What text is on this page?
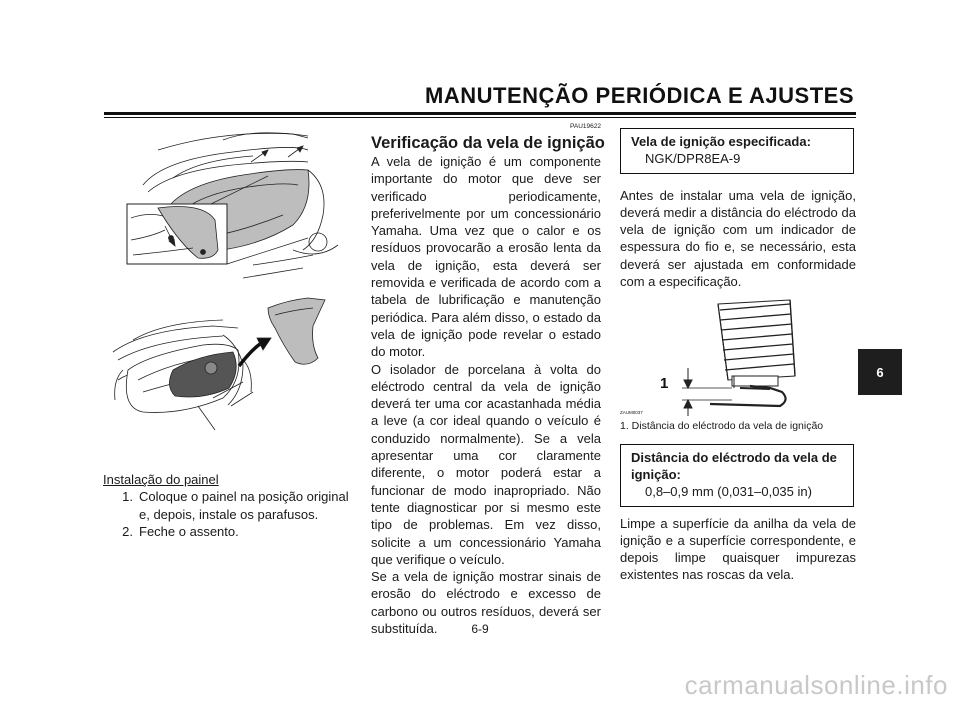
MANUTENÇÃO PERIÓDICA E AJUSTES
6
Instalação do painel
1. Coloque o painel na posição original e, depois, instale os parafusos.
2. Feche o assento.
PAU19622
Verificação da vela de ignição
A vela de ignição é um componente importante do motor que deve ser verificado periodicamente, preferivelmente por um concessionário Yamaha. Uma vez que o calor e os resíduos provocarão a erosão lenta da vela de ignição, esta deverá ser removida e verificada de acordo com a tabela de lubrificação e manutenção periódica. Para além disso, o estado da vela de ignição pode revelar o estado do motor.
O isolador de porcelana à volta do eléctrodo central da vela de ignição deverá ter uma cor acastanhada média a leve (a cor ideal quando o veículo é conduzido normalmente). Se a vela apresentar uma cor claramente diferente, o motor poderá estar a funcionar de modo inapropriado. Não tente diagnosticar por si mesmo este tipo de problemas. Em vez disso, solicite a um concessionário Yamaha que verifique o veículo.
Se a vela de ignição mostrar sinais de erosão do eléctrodo e excesso de carbono ou outros resíduos, deverá ser substituída.
Vela de ignição especificada:
NGK/DPR8EA-9
Antes de instalar uma vela de ignição, deverá medir a distância do eléctrodo da vela de ignição com um indicador de espessura do fio e, se necessário, esta deverá ser ajustada em conformidade com a especificação.
1
ZAUM0037
1. Distância do eléctrodo da vela de ignição
Distância do eléctrodo da vela de ignição:
0,8–0,9 mm (0,031–0,035 in)
Limpe a superfície da anilha da vela de ignição e a superfície correspondente, e depois limpe quaisquer impurezas existentes nas roscas da vela.
6-9
carmanualsonline.info
